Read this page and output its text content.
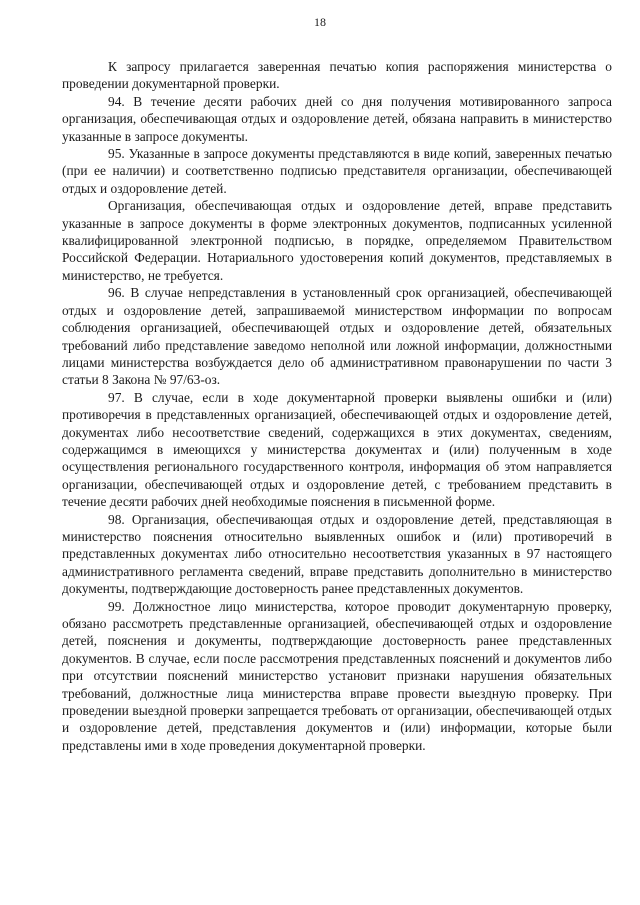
18

К запросу прилагается заверенная печатью копия распоряжения министерства о проведении документарной проверки.

94. В течение десяти рабочих дней со дня получения мотивированного запроса организация, обеспечивающая отдых и оздоровление детей, обязана направить в министерство указанные в запросе документы.

95. Указанные в запросе документы представляются в виде копий, заверенных печатью (при ее наличии) и соответственно подписью представителя организации, обеспечивающей отдых и оздоровление детей.

Организация, обеспечивающая отдых и оздоровление детей, вправе представить указанные в запросе документы в форме электронных документов, подписанных усиленной квалифицированной электронной подписью, в порядке, определяемом Правительством Российской Федерации. Нотариального удостоверения копий документов, представляемых в министерство, не требуется.

96. В случае непредставления в установленный срок организацией, обеспечивающей отдых и оздоровление детей, запрашиваемой министерством информации по вопросам соблюдения организацией, обеспечивающей отдых и оздоровление детей, обязательных требований либо представление заведомо неполной или ложной информации, должностными лицами министерства возбуждается дело об административном правонарушении по части 3 статьи 8 Закона № 97/63-оз.

97. В случае, если в ходе документарной проверки выявлены ошибки и (или) противоречия в представленных организацией, обеспечивающей отдых и оздоровление детей, документах либо несоответствие сведений, содержащихся в этих документах, сведениям, содержащимся в имеющихся у министерства документах и (или) полученным в ходе осуществления регионального государственного контроля, информация об этом направляется организации, обеспечивающей отдых и оздоровление детей, с требованием представить в течение десяти рабочих дней необходимые пояснения в письменной форме.

98. Организация, обеспечивающая отдых и оздоровление детей, представляющая в министерство пояснения относительно выявленных ошибок и (или) противоречий в представленных документах либо относительно несоответствия указанных в 97 настоящего административного регламента сведений, вправе представить дополнительно в министерство документы, подтверждающие достоверность ранее представленных документов.

99. Должностное лицо министерства, которое проводит документарную проверку, обязано рассмотреть представленные организацией, обеспечивающей отдых и оздоровление детей, пояснения и документы, подтверждающие достоверность ранее представленных документов. В случае, если после рассмотрения представленных пояснений и документов либо при отсутствии пояснений министерство установит признаки нарушения обязательных требований, должностные лица министерства вправе провести выездную проверку. При проведении выездной проверки запрещается требовать от организации, обеспечивающей отдых и оздоровление детей, представления документов и (или) информации, которые были представлены ими в ходе проведения документарной проверки.
